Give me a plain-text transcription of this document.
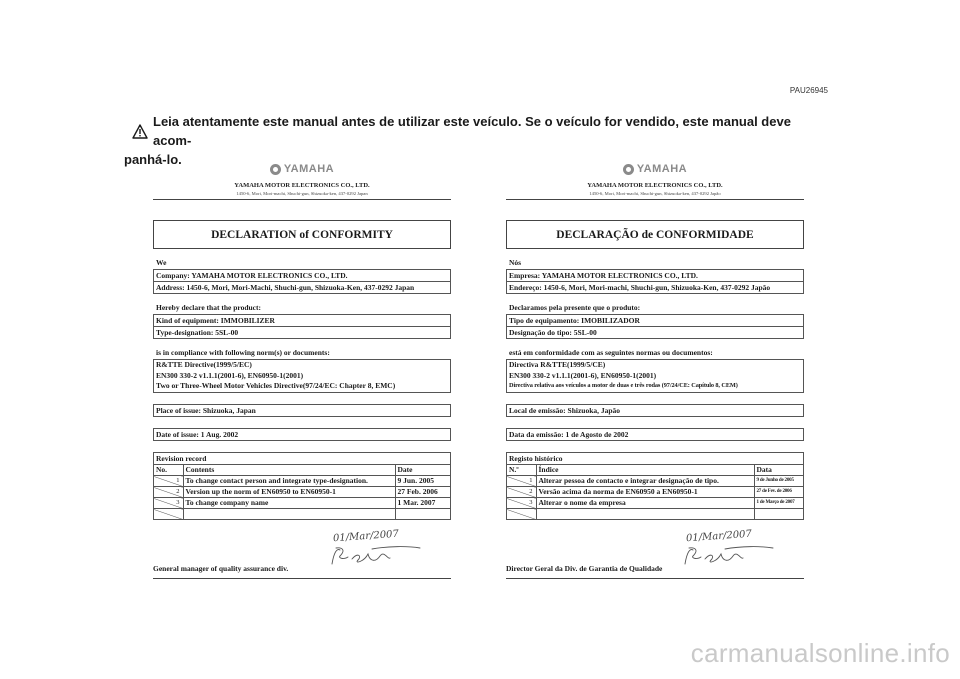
PAU26945
Leia atentamente este manual antes de utilizar este veículo. Se o veículo for vendido, este manual deve acom-
panhá-lo.
YAMAHA
YAMAHA MOTOR ELECTRONICS CO., LTD.
1450-6, Mori, Mori-machi, Shuchi-gun, Shizuoka-ken, 437-0292 Japan
DECLARATION of CONFORMITY
We
Company: YAMAHA MOTOR ELECTRONICS CO., LTD.
Address: 1450-6, Mori, Mori-Machi, Shuchi-gun, Shizuoka-Ken, 437-0292 Japan
Hereby declare that the product:
Kind of equipment: IMMOBILIZER
Type-designation: 5SL-00
is in compliance with following norm(s) or documents:
R&TTE Directive(1999/5/EC)
EN300 330-2 v1.1.1(2001-6), EN60950-1(2001)
Two or Three-Wheel Motor Vehicles Directive(97/24/EC: Chapter 8, EMC)
Place of issue: Shizuoka, Japan
Date of issue: 1 Aug. 2002
Revision record
No.	Contents	Date
1	To change contact person and integrate type-designation.	9 Jun. 2005
2	Version up the norm of EN60950 to EN60950-1	27 Feb. 2006
3	To change company name	1 Mar. 2007

01/Mar/2007
General manager of quality assurance div.
YAMAHA
YAMAHA MOTOR ELECTRONICS CO., LTD.
1450-6, Mori, Mori-machi, Shuchi-gun, Shizuoka-ken, 437-0292 Japão
DECLARAÇÃO de CONFORMIDADE
Nós
Empresa: YAMAHA MOTOR ELECTRONICS CO., LTD.
Endereço: 1450-6, Mori, Mori-machi, Shuchi-gun, Shizuoka-Ken, 437-0292 Japão
Declaramos pela presente que o produto:
Tipo de equipamento: IMOBILIZADOR
Designação do tipo: 5SL-00
está em conformidade com as seguintes normas ou documentos:
Directiva R&TTE(1999/5/CE)
EN300 330-2 v1.1.1(2001-6), EN60950-1(2001)
Directiva relativa aos veículos a motor de duas e três rodas (97/24/CE: Capítulo 8, CEM)
Local de emissão: Shizuoka, Japão
Data da emissão: 1 de Agosto de 2002
Registo histórico
N.º	Índice	Data
1	Alterar pessoa de contacto e integrar designação de tipo.	9 de Junho de 2005
2	Versão acima da norma de EN60950 a EN60950-1	27 de Fev. de 2006
3	Alterar o nome da empresa	1 de Março de 2007

01/Mar/2007
Director Geral da Div. de Garantia de Qualidade
carmanualsonline.info
